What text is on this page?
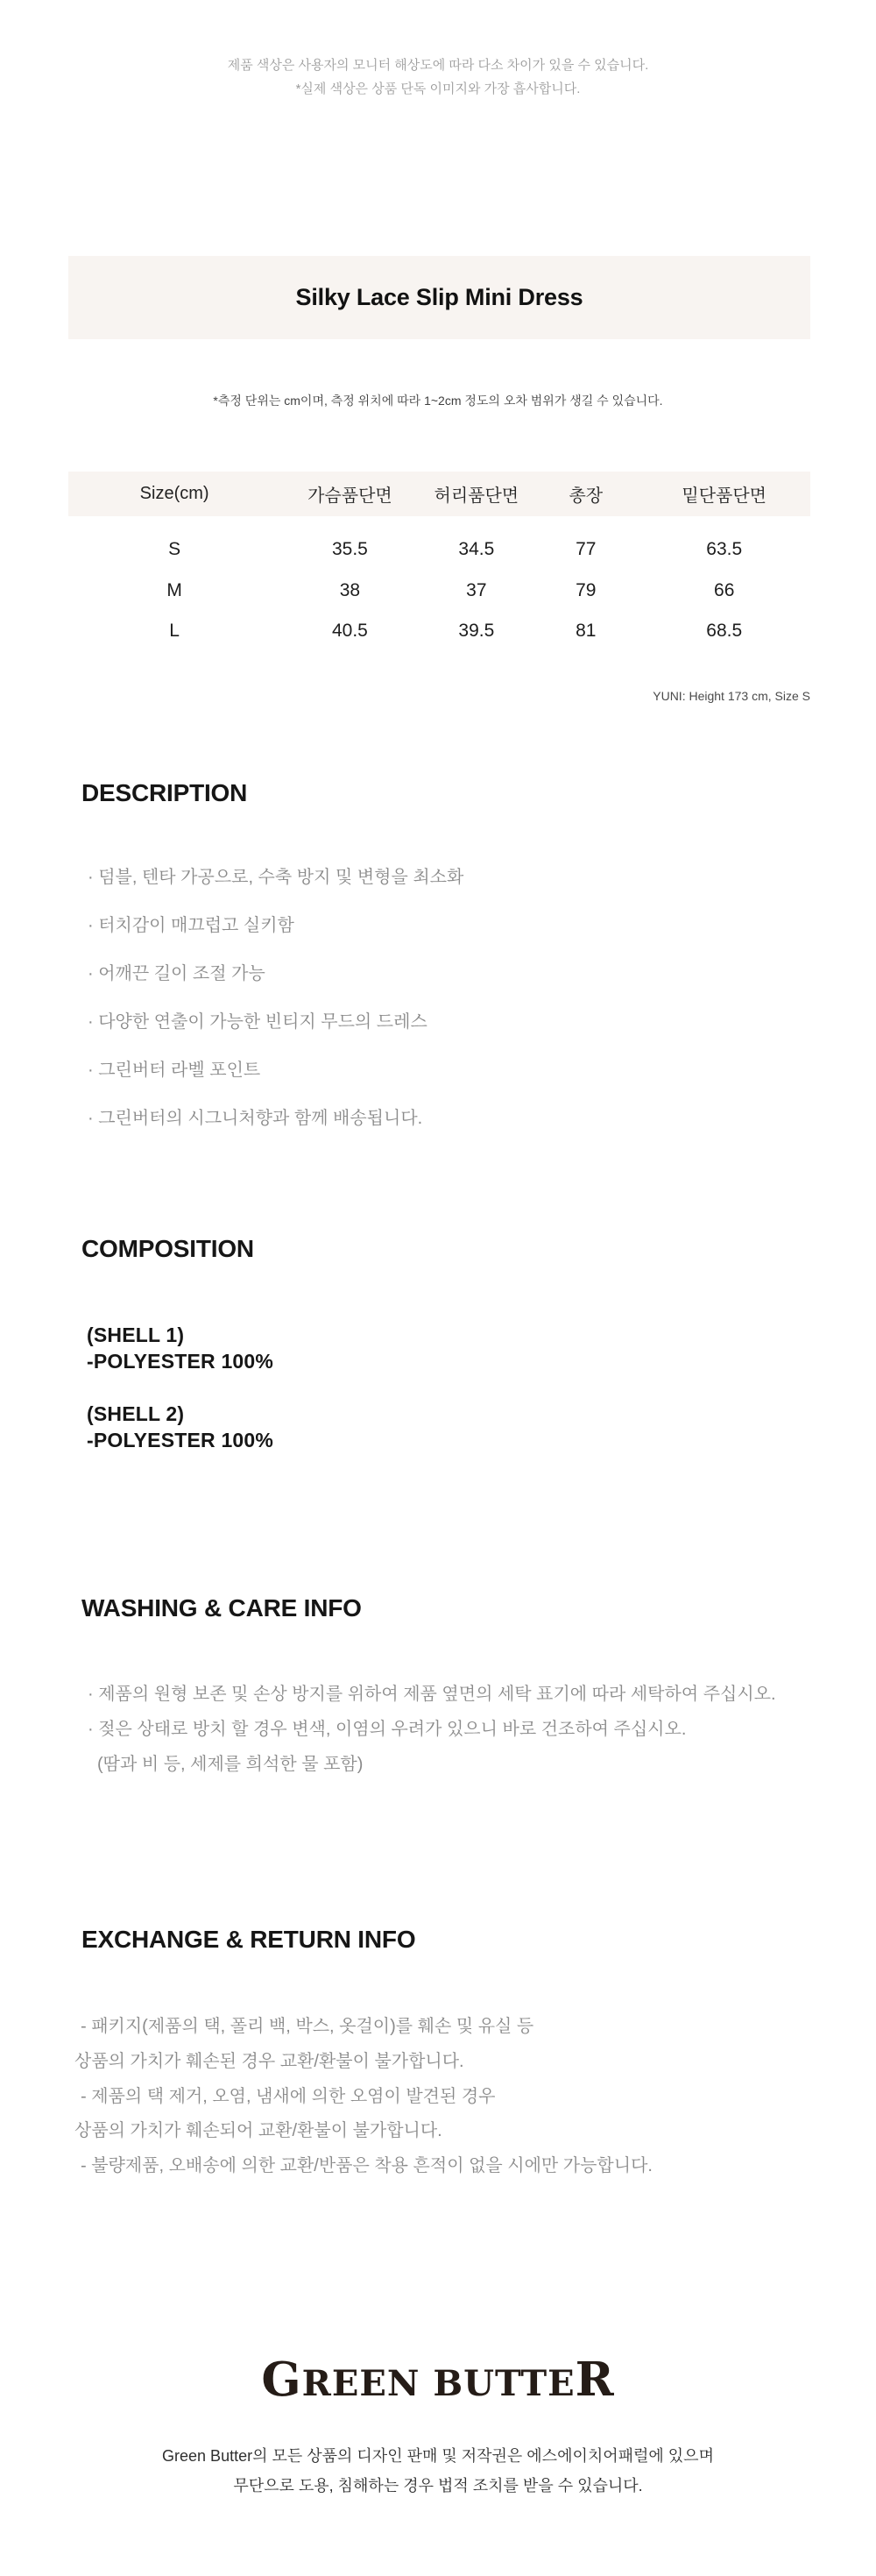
제품 색상은 사용자의 모니터 해상도에 따라 다소 차이가 있을 수 있습니다.
*실제 색상은 상품 단독 이미지와 가장 흡사합니다.
Silky Lace Slip Mini Dress
*측정 단위는 cm이며, 측정 위치에 따라 1~2cm 정도의 오차 범위가 생길 수 있습니다.
Size(cm)	가슴품단면	허리품단면	총장	밑단품단면
S	35.5	34.5	77	63.5
M	38	37	79	66
L	40.5	39.5	81	68.5
YUNI: Height 173 cm, Size S
DESCRIPTION
· 덤블, 텐타 가공으로, 수축 방지 및 변형을 최소화
· 터치감이 매끄럽고 실키함
· 어깨끈 길이 조절 가능
· 다양한 연출이 가능한 빈티지 무드의 드레스
· 그린버터 라벨 포인트
· 그린버터의 시그니처향과 함께 배송됩니다.
COMPOSITION
(SHELL 1)
-POLYESTER 100%
(SHELL 2)
-POLYESTER 100%
WASHING & CARE INFO
· 제품의 원형 보존 및 손상 방지를 위하여 제품 옆면의 세탁 표기에 따라 세탁하여 주십시오.
· 젖은 상태로 방치 할 경우 변색, 이염의 우려가 있으니 바로 건조하여 주십시오.
(땀과 비 등, 세제를 희석한 물 포함)
EXCHANGE & RETURN INFO
- 패키지(제품의 택, 폴리 백, 박스, 옷걸이)를 훼손 및 유실 등
상품의 가치가 훼손된 경우 교환/환불이 불가합니다.
- 제품의 택 제거, 오염, 냄새에 의한 오염이 발견된 경우
상품의 가치가 훼손되어 교환/환불이 불가합니다.
- 불량제품, 오배송에 의한 교환/반품은 착용 흔적이 없을 시에만 가능합니다.
GREEN BUTTER
Green Butter의 모든 상품의 디자인 판매 및 저작권은 에스에이치어패럴에 있으며
무단으로 도용, 침해하는 경우 법적 조치를 받을 수 있습니다.
